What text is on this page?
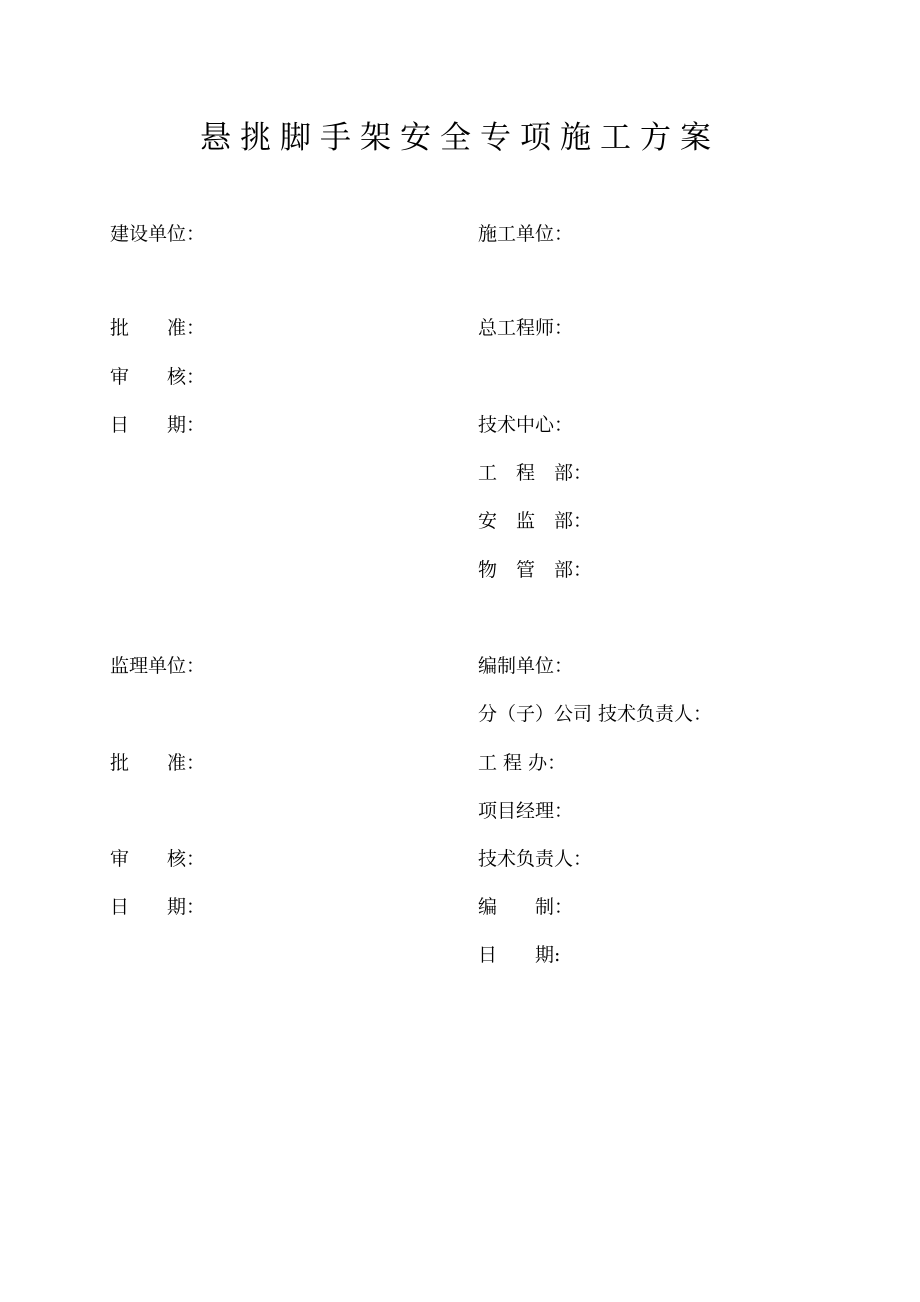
悬挑脚手架安全专项施工方案
建设单位：
批　　准：
审　　核：
日　　期：
监理单位：
批　　准：
审　　核：
日　　期：
施工单位：
总工程师：
技术中心：
工　程　部：
安　监　部：
物　管　部：
编制单位：
分（子）公司 技术负责人：
工 程 办：
项目经理：
技术负责人：
编　　制：
日　　期:
